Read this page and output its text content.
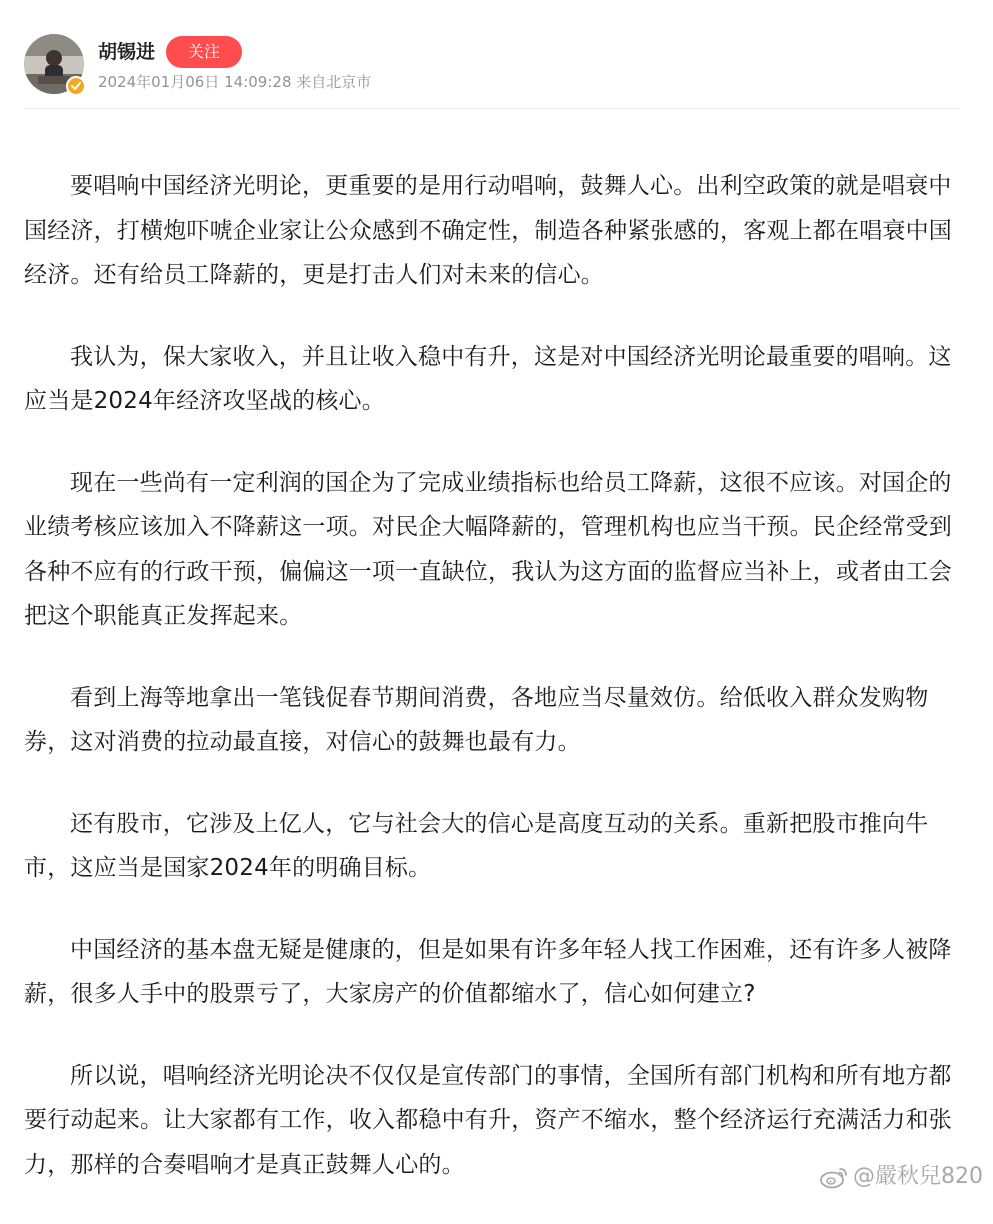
胡锡进	关注
2024年01月06日 14:09:28 来自北京市

要唱响中国经济光明论，更重要的是用行动唱响，鼓舞人心。出利空政策的就是唱衰中国经济，打横炮吓唬企业家让公众感到不确定性，制造各种紧张感的，客观上都在唱衰中国经济。还有给员工降薪的，更是打击人们对未来的信心。

我认为，保大家收入，并且让收入稳中有升，这是对中国经济光明论最重要的唱响。这应当是2024年经济攻坚战的核心。

现在一些尚有一定利润的国企为了完成业绩指标也给员工降薪，这很不应该。对国企的业绩考核应该加入不降薪这一项。对民企大幅降薪的，管理机构也应当干预。民企经常受到各种不应有的行政干预，偏偏这一项一直缺位，我认为这方面的监督应当补上，或者由工会把这个职能真正发挥起来。

看到上海等地拿出一笔钱促春节期间消费，各地应当尽量效仿。给低收入群众发购物券，这对消费的拉动最直接，对信心的鼓舞也最有力。

还有股市，它涉及上亿人，它与社会大的信心是高度互动的关系。重新把股市推向牛市，这应当是国家2024年的明确目标。

中国经济的基本盘无疑是健康的，但是如果有许多年轻人找工作困难，还有许多人被降薪，很多人手中的股票亏了，大家房产的价值都缩水了，信心如何建立?

所以说，唱响经济光明论决不仅仅是宣传部门的事情，全国所有部门机构和所有地方都要行动起来。让大家都有工作，收入都稳中有升，资产不缩水，整个经济运行充满活力和张力，那样的合奏唱响才是真正鼓舞人心的。	@嚴秋兒820
